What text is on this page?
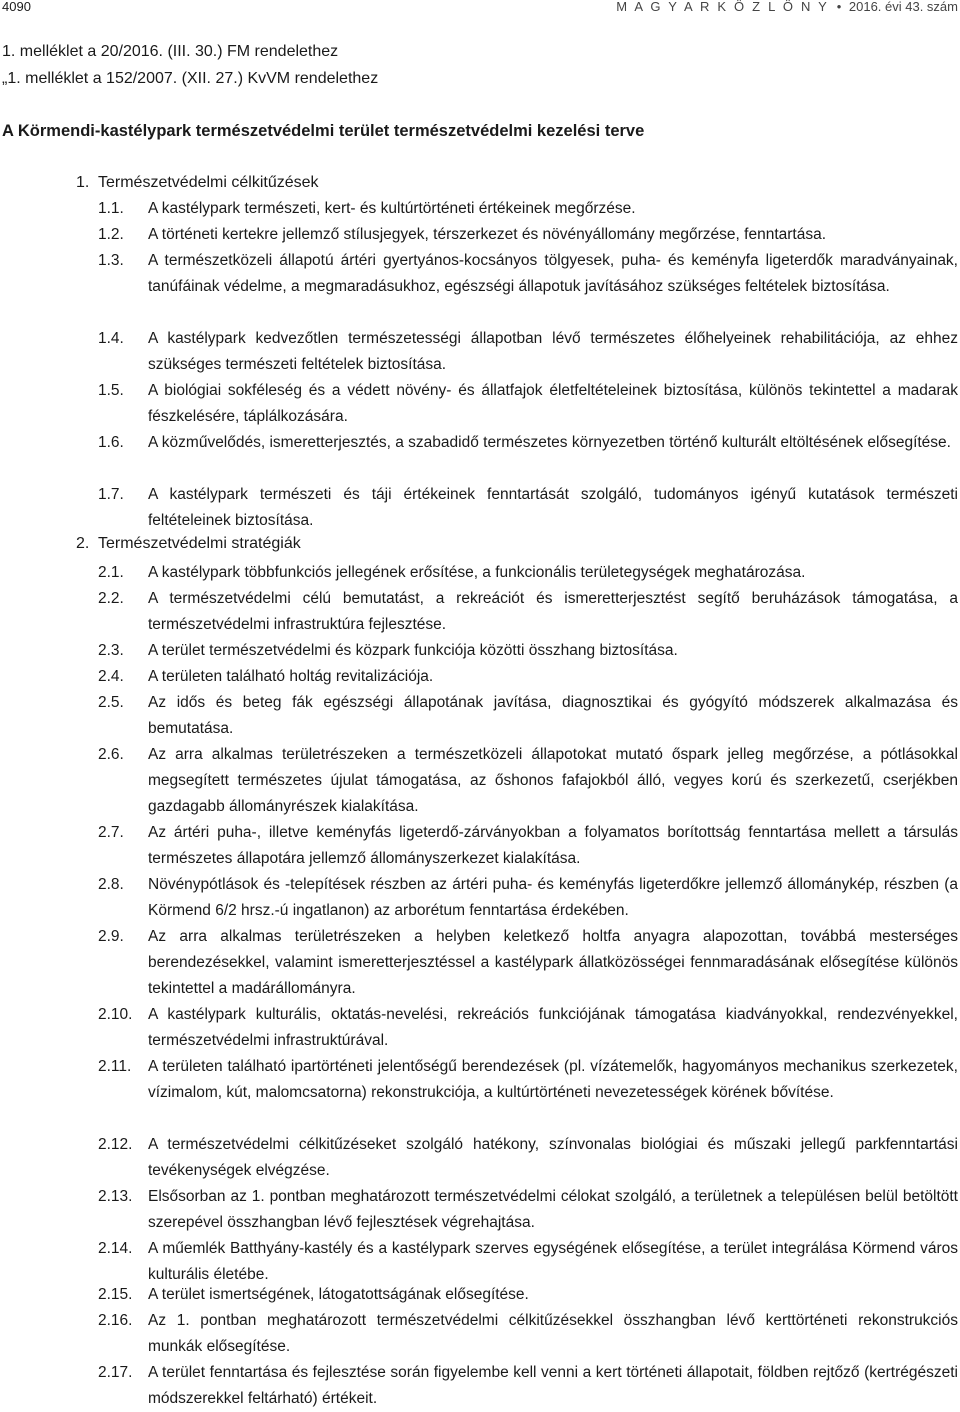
4090	M A G Y A R K Ö Z L Ö N Y • 2016. évi 43. szám
1. melléklet a 20/2016. (III. 30.) FM rendelethez
„1. melléklet a 152/2007. (XII. 27.) KvVM rendelethez
A Körmendi-kastélypark természetvédelmi terület természetvédelmi kezelési terve
1. Természetvédelmi célkitűzések
1.1. A kastélypark természeti, kert- és kultúrtörténeti értékeinek megőrzése.
1.2. A történeti kertekre jellemző stílusjegyek, térszerkezet és növényállomány megőrzése, fenntartása.
1.3. A természetközeli állapotú ártéri gyertyános-kocsányos tölgyesek, puha- és keményfa ligeterdők maradványainak, tanúfáinak védelme, a megmaradásukhoz, egészségi állapotuk javításához szükséges feltételek biztosítása.
1.4. A kastélypark kedvezőtlen természetességi állapotban lévő természetes élőhelyeinek rehabilitációja, az ehhez szükséges természeti feltételek biztosítása.
1.5. A biológiai sokféleség és a védett növény- és állatfajok életfeltételeinek biztosítása, különös tekintettel a madarak fészkelésére, táplálkozására.
1.6. A közművelődés, ismeretterjesztés, a szabadidő természetes környezetben történő kulturált eltöltésének elősegítése.
1.7. A kastélypark természeti és táji értékeinek fenntartását szolgáló, tudományos igényű kutatások természeti feltételeinek biztosítása.
2. Természetvédelmi stratégiák
2.1. A kastélypark többfunkciós jellegének erősítése, a funkcionális területegységek meghatározása.
2.2. A természetvédelmi célú bemutatást, a rekreációt és ismeretterjesztést segítő beruházások támogatása, a természetvédelmi infrastruktúra fejlesztése.
2.3. A terület természetvédelmi és közpark funkciója közötti összhang biztosítása.
2.4. A területen található holtág revitalizációja.
2.5. Az idős és beteg fák egészségi állapotának javítása, diagnosztikai és gyógyító módszerek alkalmazása és bemutatása.
2.6. Az arra alkalmas területrészeken a természetközeli állapotokat mutató őspark jelleg megőrzése, a pótlásokkal megsegített természetes újulat támogatása, az őshonos fafajokból álló, vegyes korú és szerkezetű, cserjékben gazdagabb állományrészek kialakítása.
2.7. Az ártéri puha-, illetve keményfás ligeterdő-zárványokban a folyamatos borítottság fenntartása mellett a társulás természetes állapotára jellemző állományszerkezet kialakítása.
2.8. Növénypótlások és -telepítések részben az ártéri puha- és keményfás ligeterdőkre jellemző állománykép, részben (a Körmend 6/2 hrsz.-ú ingatlanon) az arborétum fenntartása érdekében.
2.9. Az arra alkalmas területrészeken a helyben keletkező holtfa anyagra alapozottan, továbbá mesterséges berendezésekkel, valamint ismeretterjesztéssel a kastélypark állatközösségei fennmaradásának elősegítése különös tekintettel a madárállományra.
2.10. A kastélypark kulturális, oktatás-nevelési, rekreációs funkciójának támogatása kiadványokkal, rendezvényekkel, természetvédelmi infrastruktúrával.
2.11. A területen található ipartörténeti jelentőségű berendezések (pl. vízátemelők, hagyományos mechanikus szerkezetek, vízimalom, kút, malomcsatorna) rekonstrukciója, a kultúrtörténeti nevezetességek körének bővítése.
2.12. A természetvédelmi célkitűzéseket szolgáló hatékony, színvonalas biológiai és műszaki jellegű parkfenntartási tevékenységek elvégzése.
2.13. Elsősorban az 1. pontban meghatározott természetvédelmi célokat szolgáló, a területnek a településen belül betöltött szerepével összhangban lévő fejlesztések végrehajtása.
2.14. A műemlék Batthyány-kastély és a kastélypark szerves egységének elősegítése, a terület integrálása Körmend város kulturális életébe.
2.15. A terület ismertségének, látogatottságának elősegítése.
2.16. Az 1. pontban meghatározott természetvédelmi célkitűzésekkel összhangban lévő kerttörténeti rekonstrukciós munkák elősegítése.
2.17. A terület fenntartása és fejlesztése során figyelembe kell venni a kert történeti állapotait, földben rejtőző (kertrégészeti módszerekkel feltárható) értékeit.
